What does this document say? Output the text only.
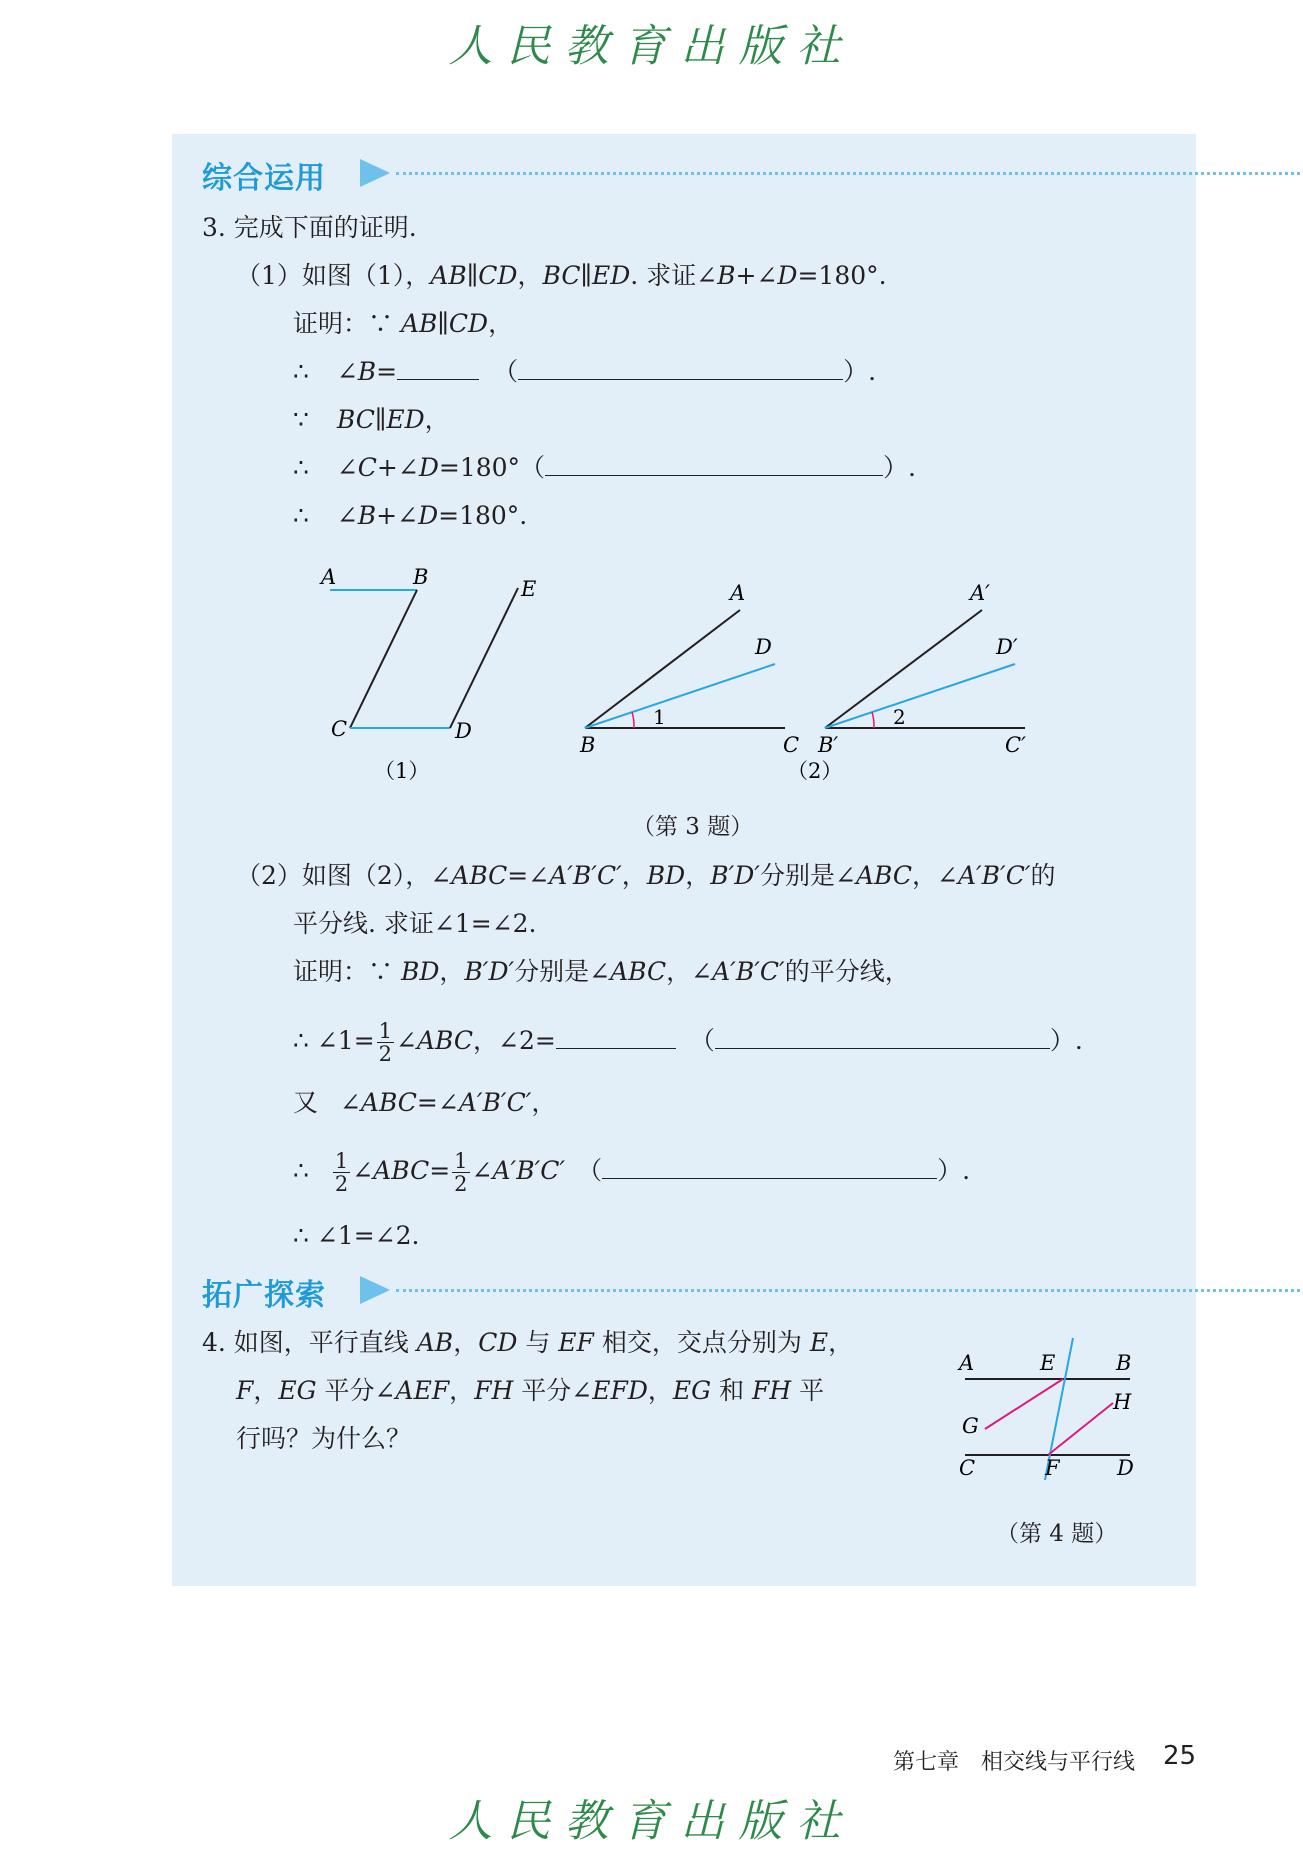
人民教育出版社
综合运用
3. 完成下面的证明.
（1）如图（1），AB∥CD，BC∥ED. 求证∠B+∠D=180°.
证明：∵ AB∥CD，
∴ ∠B=	（	）.
∵ BC∥ED，
∴ ∠C+∠D=180°（	）.
∴ ∠B+∠D=180°.
A	B
C	D
E
（1）
A
D
B	C
1
A′
D′
B′	C′
2
（2）
（第 3 题）
（2）如图（2），∠ABC=∠A′B′C′，BD，B′D′分别是∠ABC，∠A′B′C′的
平分线. 求证∠1=∠2.
证明：∵ BD，B′D′分别是∠ABC，∠A′B′C′的平分线，
∴ ∠1= $\frac{1}{2}$ ∠ABC，∠2=	（	）.
又 ∠ABC=∠A′B′C′，
∴ $\frac{1}{2}$ ∠ABC= $\frac{1}{2}$ ∠A′B′C′ （	）.
∴ ∠1=∠2.
拓广探索
4. 如图，平行直线 AB，CD 与 EF 相交，交点分别为 E，
F，EG 平分∠AEF，FH 平分∠EFD，EG 和 FH 平
行吗？为什么？
A	E	B
G
H
C	F	D
（第 4 题）
第七章　相交线与平行线 25
人民教育出版社
